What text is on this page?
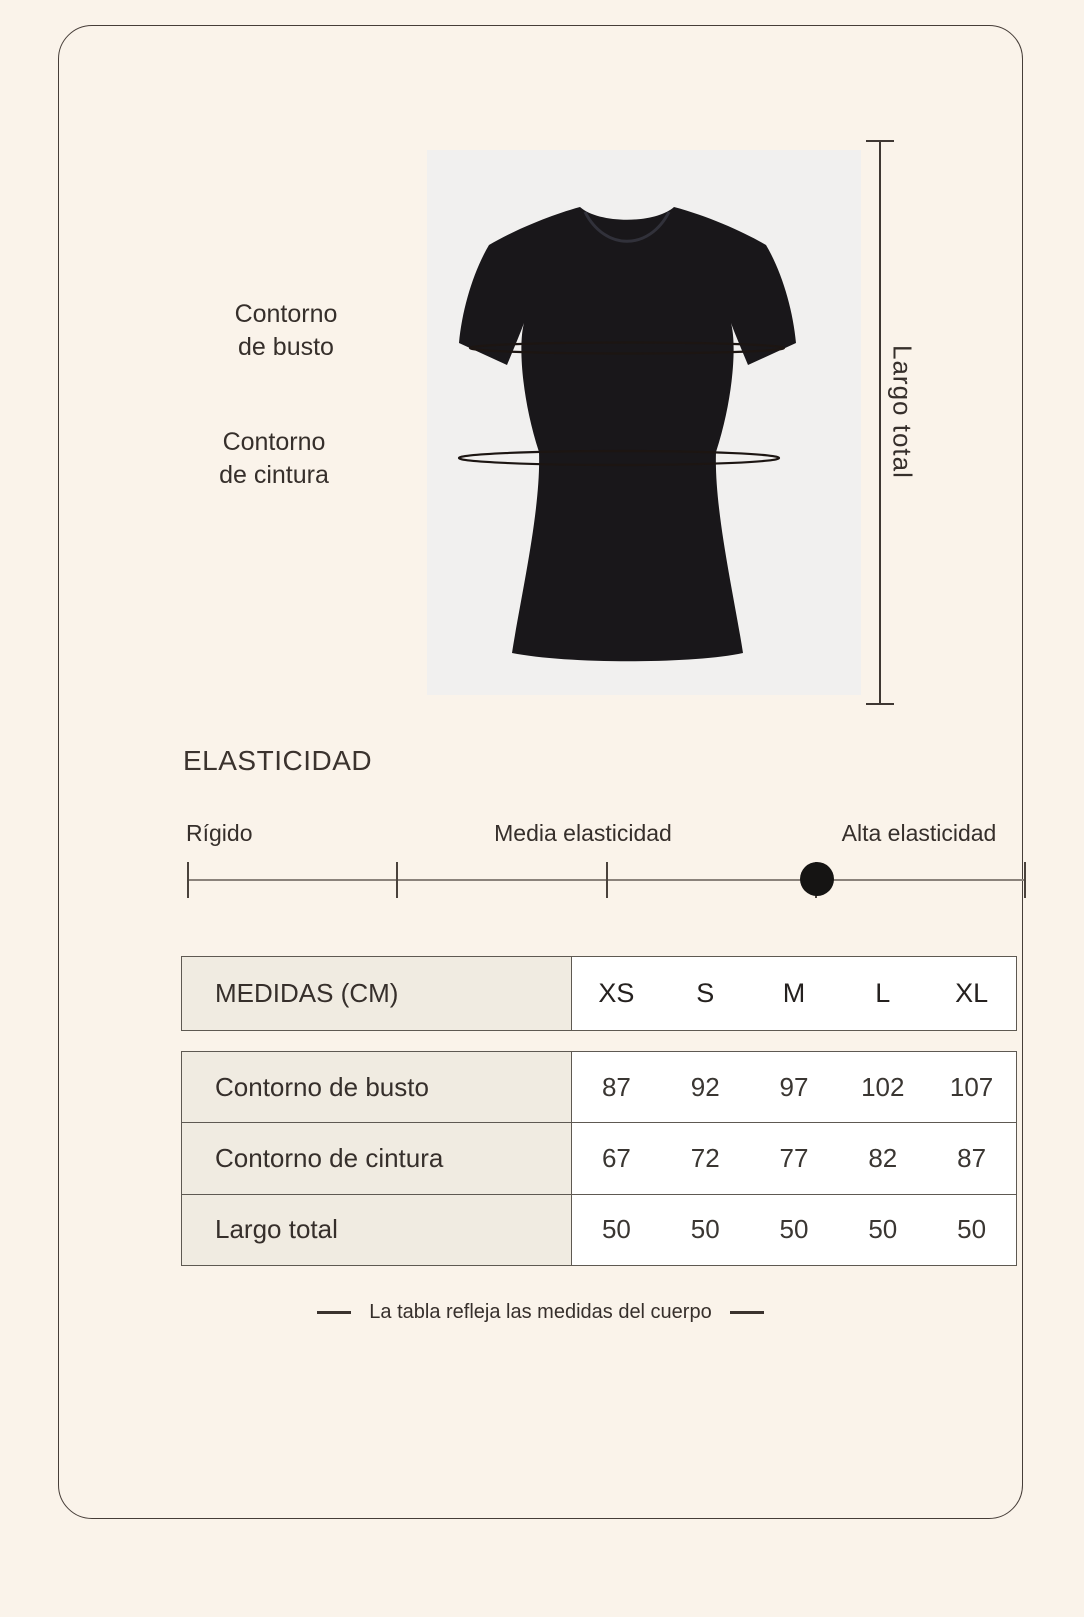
Contorno
de busto
Contorno
de cintura	Largo total
ELASTICIDAD
Rígido	Media elasticidad	Alta elasticidad
MEDIDAS (CM)	XS	S	M	L	XL
Contorno de busto	87	92	97	102	107
Contorno de cintura	67	72	77	82	87
Largo total	50	50	50	50	50
La tabla refleja las medidas del cuerpo
